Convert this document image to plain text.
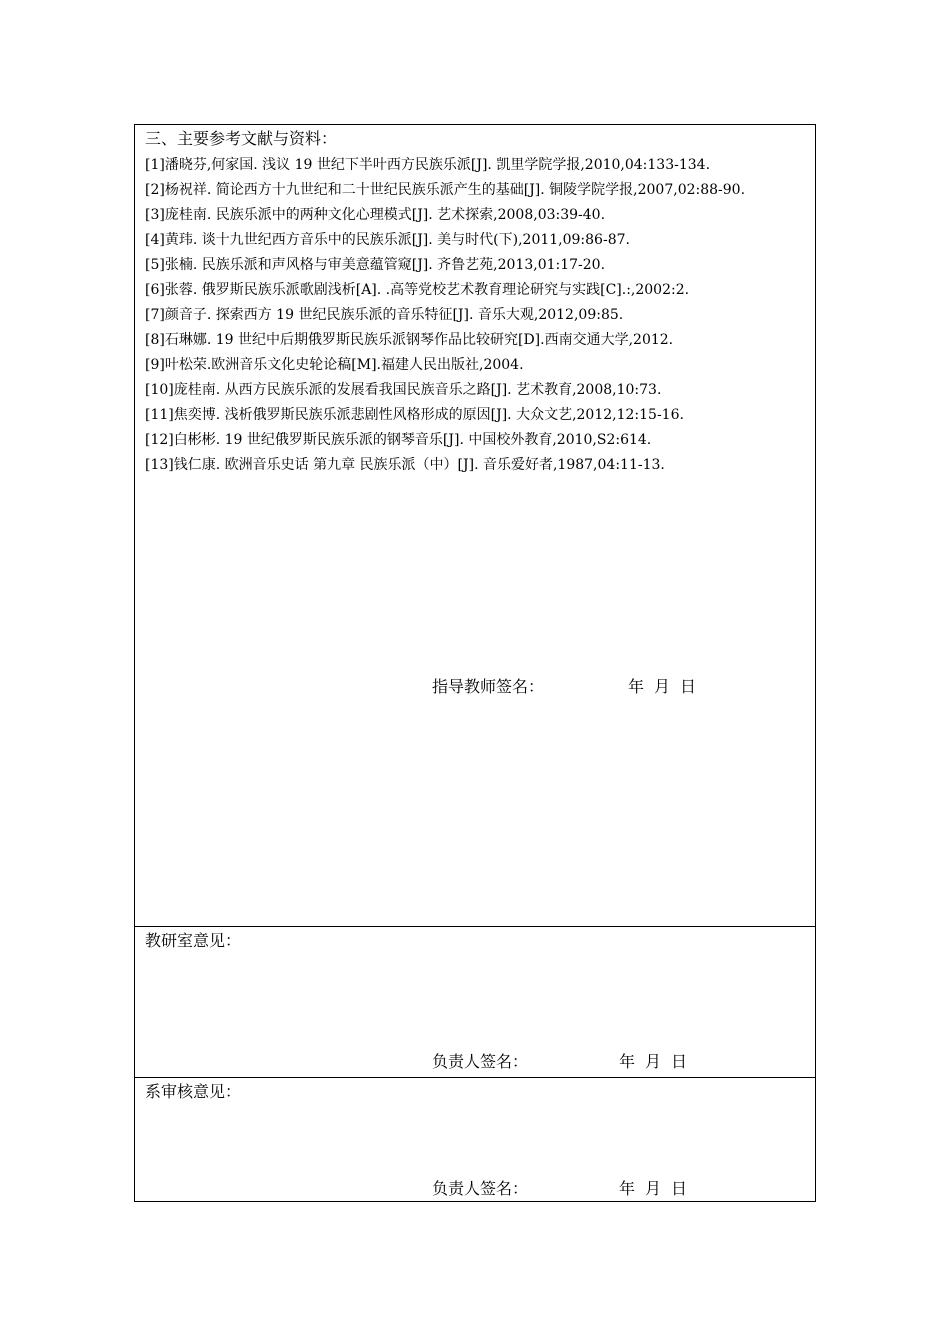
三、主要参考文献与资料：
[1]潘晓芬,何家国. 浅议 19 世纪下半叶西方民族乐派[J]. 凯里学院学报,2010,04:133-134.
[2]杨祝祥. 简论西方十九世纪和二十世纪民族乐派产生的基础[J]. 铜陵学院学报,2007,02:88-90.
[3]庞桂南. 民族乐派中的两种文化心理模式[J]. 艺术探索,2008,03:39-40.
[4]黄玮. 谈十九世纪西方音乐中的民族乐派[J]. 美与时代(下),2011,09:86-87.
[5]张楠. 民族乐派和声风格与审美意蕴管窥[J]. 齐鲁艺苑,2013,01:17-20.
[6]张蓉. 俄罗斯民族乐派歌剧浅析[A]. .高等党校艺术教育理论研究与实践[C].:,2002:2.
[7]颜音子. 探索西方 19 世纪民族乐派的音乐特征[J]. 音乐大观,2012,09:85.
[8]石琳娜. 19 世纪中后期俄罗斯民族乐派钢琴作品比较研究[D].西南交通大学,2012.
[9]叶松荣.欧洲音乐文化史轮论稿[M].福建人民出版社,2004.
[10]庞桂南. 从西方民族乐派的发展看我国民族音乐之路[J]. 艺术教育,2008,10:73.
[11]焦奕博. 浅析俄罗斯民族乐派悲剧性风格形成的原因[J]. 大众文艺,2012,12:15-16.
[12]白彬彬. 19 世纪俄罗斯民族乐派的钢琴音乐[J]. 中国校外教育,2010,S2:614.
[13]钱仁康. 欧洲音乐史话 第九章 民族乐派（中）[J]. 音乐爱好者,1987,04:11-13.
指导教师签名：	年 月 日
教研室意见：
负责人签名：	年 月 日
系审核意见：
负责人签名：	年 月 日
